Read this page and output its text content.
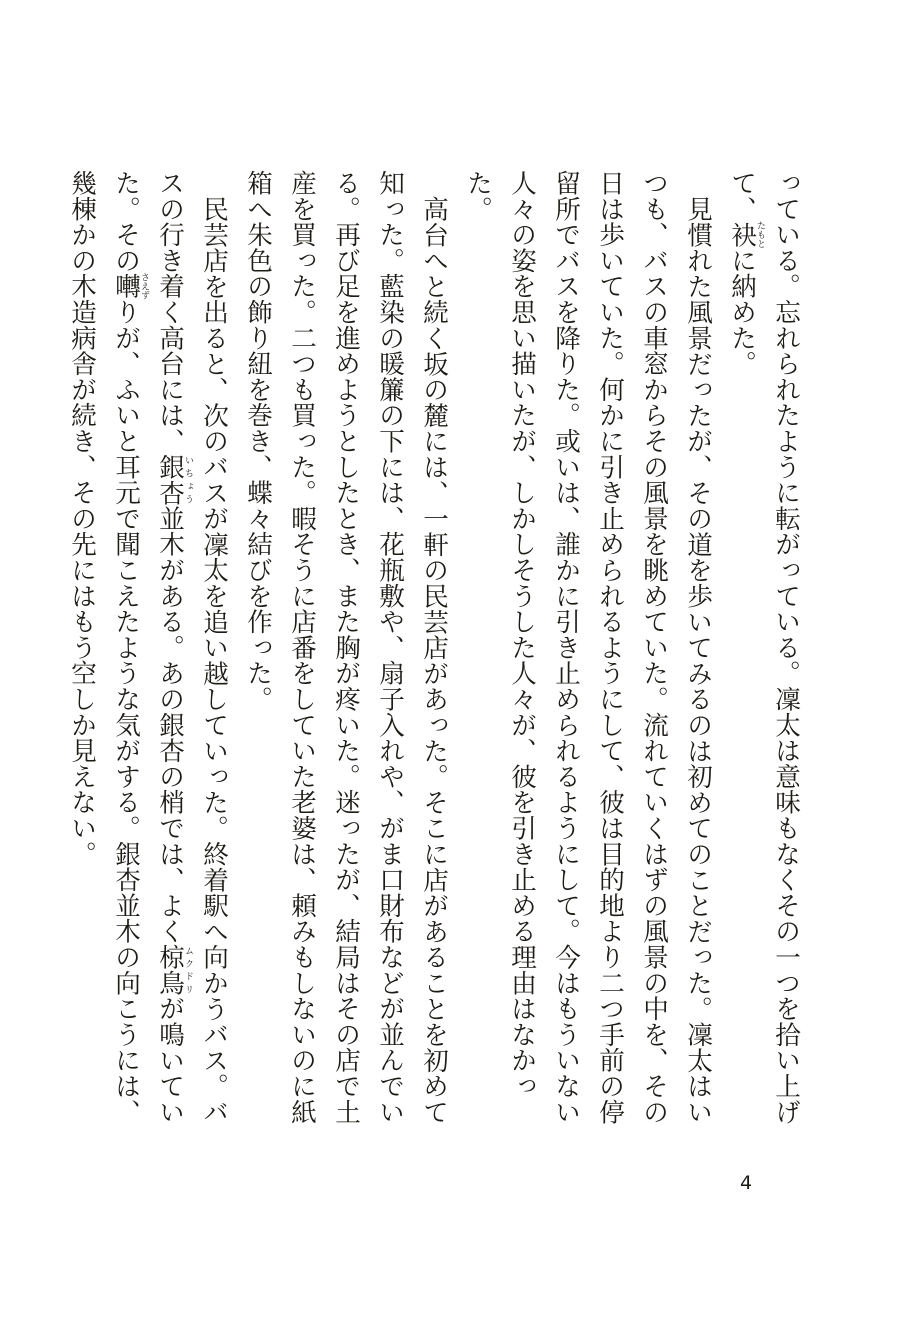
っている。忘れられたように転がっている。凜太は意味もなくその一つを拾い上げて、袂たもとに納めた。

見慣れた風景だったが、その道を歩いてみるのは初めてのことだった。凜太はいつも、バスの車窓からその風景を眺めていた。流れていくはずの風景の中を、その日は歩いていた。何かに引き止められるようにして、彼は目的地より二つ手前の停留所でバスを降りた。或いは、誰かに引き止められるようにして。今はもういない人々の姿を思い描いたが、しかしそうした人々が、彼を引き止める理由はなかった。

高台へと続く坂の麓には、一軒の民芸店があった。そこに店があることを初めて知った。藍染の暖簾の下には、花瓶敷や、扇子入れや、がま口財布などが並んでいる。再び足を進めようとしたとき、また胸が疼いた。迷ったが、結局はその店で土産を買った。二つも買った。暇そうに店番をしていた老婆は、頼みもしないのに紙箱へ朱色の飾り紐を巻き、蝶々結びを作った。

民芸店を出ると、次のバスが凜太を追い越していった。終着駅へ向かうバス。バスの行き着く高台には、銀杏いちょう並木がある。あの銀杏の梢では、よく椋鳥ムクドリが鳴いていた。その囀さえずりが、ふいと耳元で聞こえたような気がする。銀杏並木の向こうには、幾棟かの木造病舎が続き、その先にはもう空しか見えない。

4
